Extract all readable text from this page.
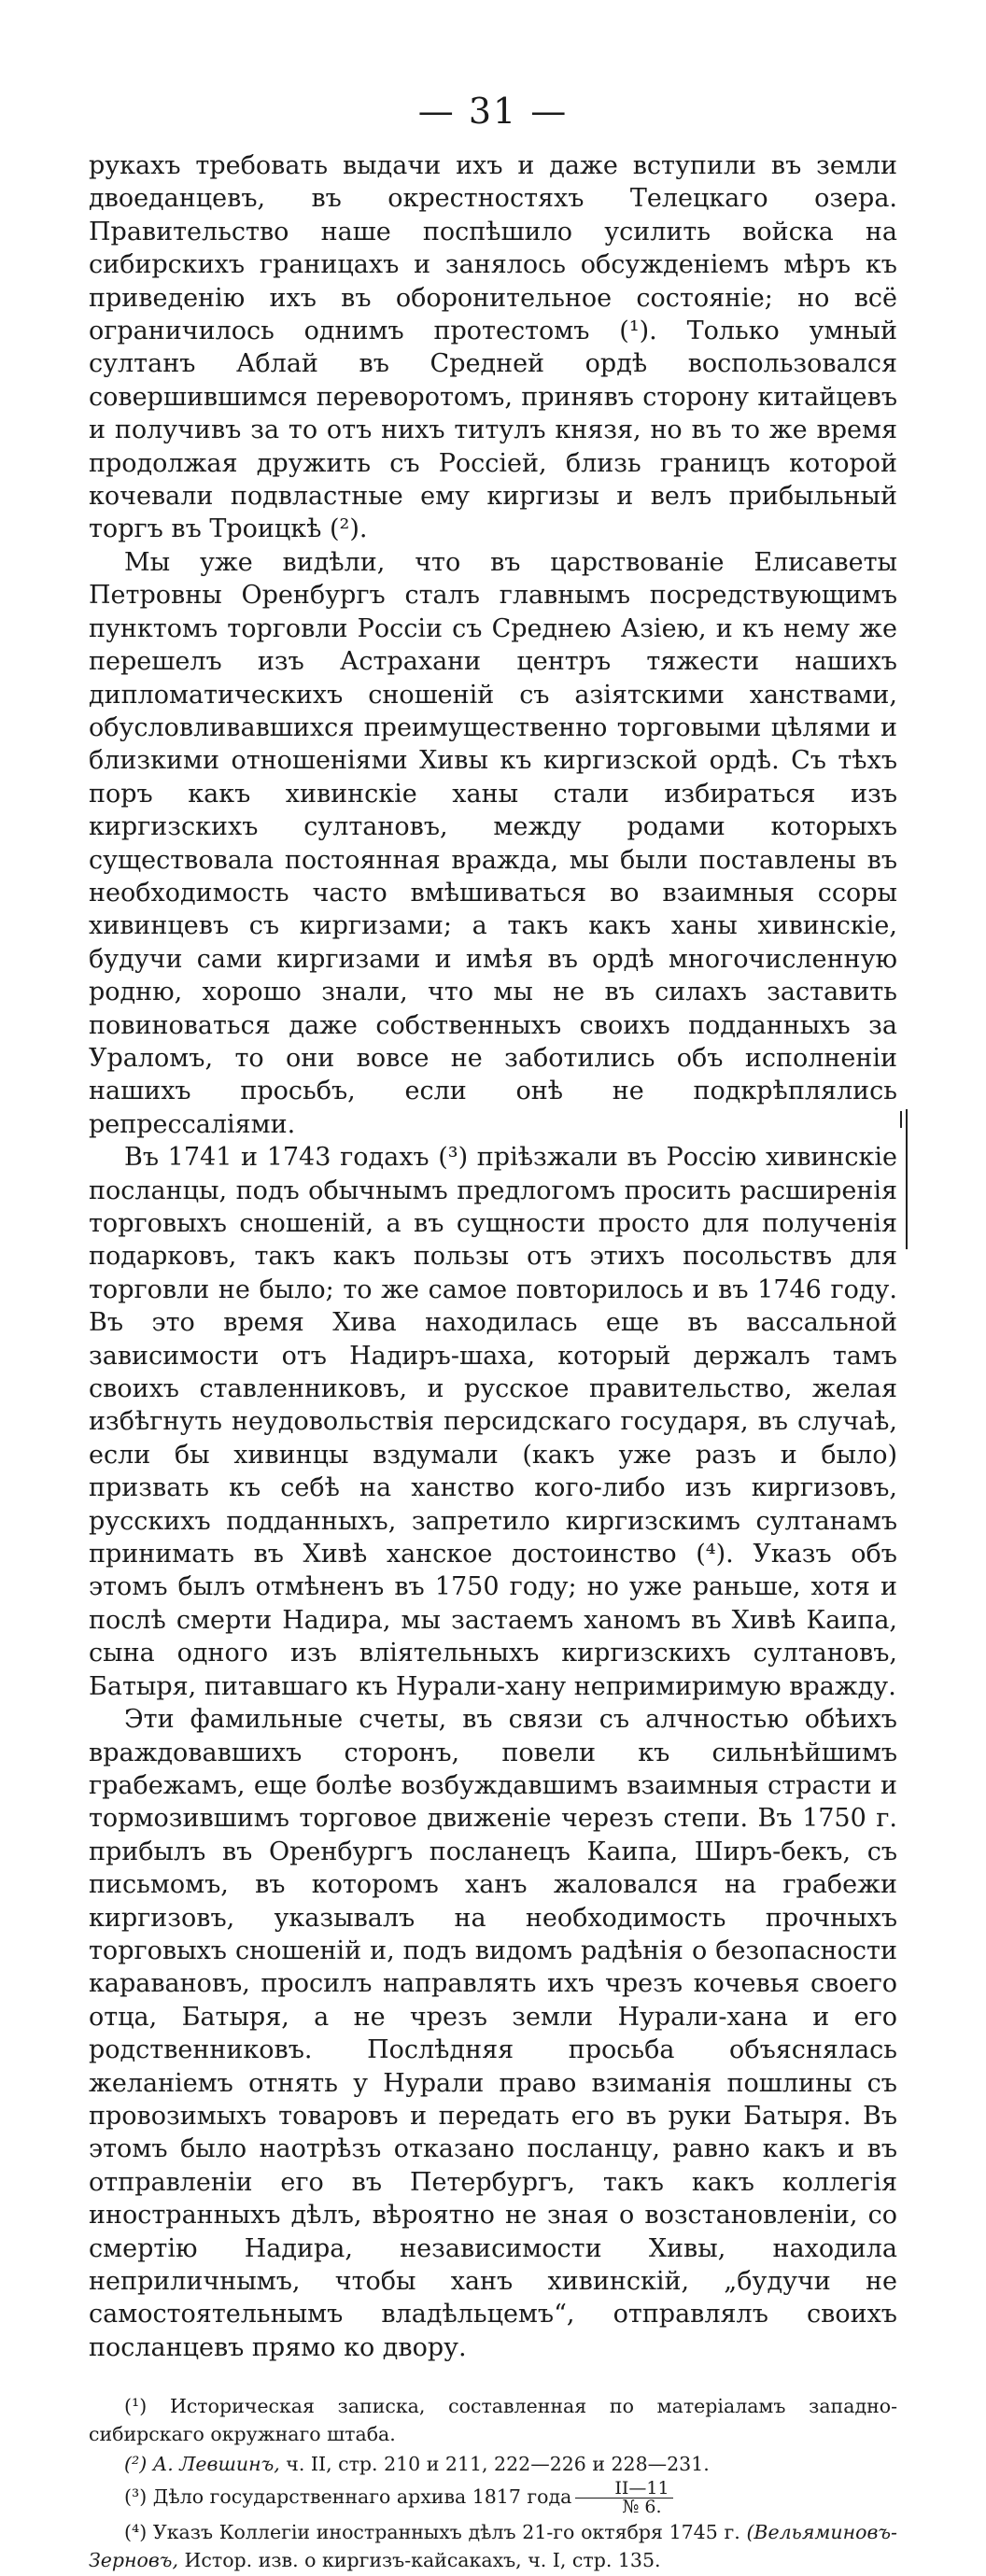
— 31 —

рукахъ требовать выдачи ихъ и даже вступили въ земли двоеданцевъ, въ окрестностяхъ Телецкаго озера. Правительство наше поспѣшило усилить войска на сибирскихъ границахъ и занялось обсужденіемъ мѣръ къ приведенію ихъ въ оборонительное состояніе; но всё ограничилось однимъ протестомъ (¹). Только умный султанъ Аблай въ Средней ордѣ воспользовался совершившимся переворотомъ, принявъ сторону китайцевъ и получивъ за то отъ нихъ титулъ князя, но въ то же время продолжая дружить съ Россіей, близь границъ которой кочевали подвластные ему киргизы и велъ прибыльный торгъ въ Троицкѣ (²).

Мы уже видѣли, что въ царствованіе Елисаветы Петровны Оренбургъ сталъ главнымъ посредствующимъ пунктомъ торговли Россіи съ Среднею Азіею, и къ нему же перешелъ изъ Астрахани центръ тяжести нашихъ дипломатическихъ сношеній съ азіятскими ханствами, обусловливавшихся преимущественно торговыми цѣлями и близкими отношеніями Хивы къ киргизской ордѣ. Съ тѣхъ поръ какъ хивинскіе ханы стали избираться изъ киргизскихъ султановъ, между родами которыхъ существовала постоянная вражда, мы были поставлены въ необходимость часто вмѣшиваться во взаимныя ссоры хивинцевъ съ киргизами; а такъ какъ ханы хивинскіе, будучи сами киргизами и имѣя въ ордѣ многочисленную родню, хорошо знали, что мы не въ силахъ заставить повиноваться даже собственныхъ своихъ подданныхъ за Ураломъ, то они вовсе не заботились объ исполненіи нашихъ просьбъ, если онѣ не подкрѣплялись репрессаліями.

Въ 1741 и 1743 годахъ (³) пріѣзжали въ Россію хивинскіе посланцы, подъ обычнымъ предлогомъ просить расширенія торговыхъ сношеній, а въ сущности просто для полученія подарковъ, такъ какъ пользы отъ этихъ посольствъ для торговли не было; то же самое повторилось и въ 1746 году. Въ это время Хива находилась еще въ вассальной зависимости отъ Надиръ-шаха, который держалъ тамъ своихъ ставленниковъ, и русское правительство, желая избѣгнуть неудовольствія персидскаго государя, въ случаѣ, если бы хивинцы вздумали (какъ уже разъ и было) призвать къ себѣ на ханство кого-либо изъ киргизовъ, русскихъ подданныхъ, запретило киргизскимъ султанамъ принимать въ Хивѣ ханское достоинство (⁴). Указъ объ этомъ былъ отмѣненъ въ 1750 году; но уже раньше, хотя и послѣ смерти Надира, мы застаемъ ханомъ въ Хивѣ Каипа, сына одного изъ вліятельныхъ киргизскихъ султановъ, Батыря, питавшаго къ Нурали-хану непримиримую вражду.

Эти фамильные счеты, въ связи съ алчностью обѣихъ враждовавшихъ сторонъ, повели къ сильнѣйшимъ грабежамъ, еще болѣе возбуждавшимъ взаимныя страсти и тормозившимъ торговое движеніе черезъ степи. Въ 1750 г. прибылъ въ Оренбургъ посланецъ Каипа, Ширъ-бекъ, съ письмомъ, въ которомъ ханъ жаловался на грабежи киргизовъ, указывалъ на необходимость прочныхъ торговыхъ сношеній и, подъ видомъ радѣнія о безопасности каравановъ, просилъ направлять ихъ чрезъ кочевья своего отца, Батыря, а не чрезъ земли Нурали-хана и его родственниковъ. Послѣдняя просьба объяснялась желаніемъ отнять у Нурали право взиманія пошлины съ провозимыхъ товаровъ и передать его въ руки Батыря. Въ этомъ было наотрѣзъ отказано посланцу, равно какъ и въ отправленіи его въ Петербургъ, такъ какъ коллегія иностранныхъ дѣлъ, вѣроятно не зная о возстановленіи, со смертію Надира, независимости Хивы, находила неприличнымъ, чтобы ханъ хивинскій, „будучи не самостоятельнымъ владѣльцемъ“, отправлялъ своихъ посланцевъ прямо ко двору.

(¹) Историческая записка, составленная по матеріаламъ западно-сибирскаго окружнаго штаба.

(²) А. Левшинъ, ч. II, стр. 210 и 211, 222—226 и 228—231.

(³) Дѣло государственнаго архива 1817 года $\frac{II—11}{№ 6.}$

(⁴) Указъ Коллегіи иностранныхъ дѣлъ 21-го октября 1745 г. (Вельяминовъ-Зерновъ, Истор. изв. о киргизъ-кайсакахъ, ч. I, стр. 135.
